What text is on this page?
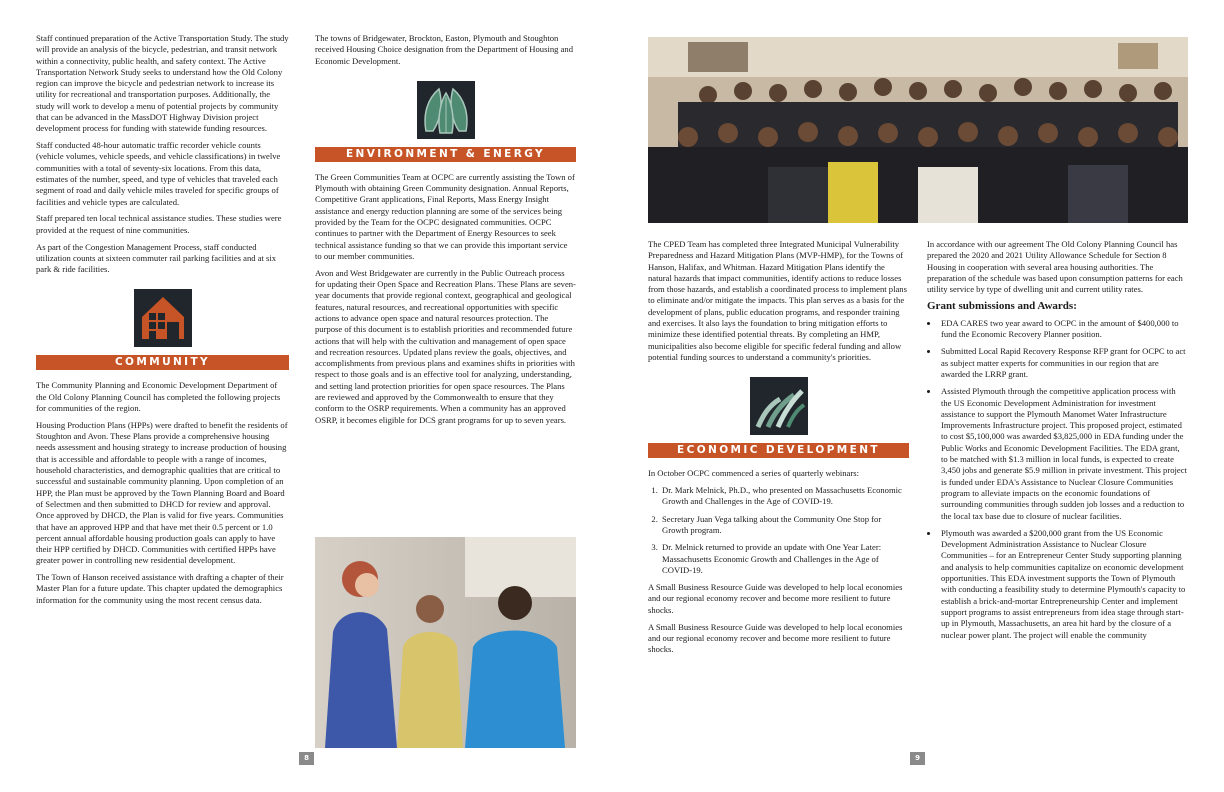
Staff continued preparation of the Active Transportation Study. The study will provide an analysis of the bicycle, pedestrian, and transit network within a connectivity, public health, and safety context. The Active Transportation Network Study seeks to understand how the Old Colony region can improve the bicycle and pedestrian network to increase its utility for recreational and transportation purposes. Additionally, the study will work to develop a menu of potential projects by community that can be advanced in the MassDOT Highway Division project development process for funding with statewide funding resources.

Staff conducted 48-hour automatic traffic recorder vehicle counts (vehicle volumes, vehicle speeds, and vehicle classifications) in twelve communities with a total of seventy-six locations. From this data, estimates of the number, speed, and type of vehicles that traveled each segment of road and daily vehicle miles traveled for specific groups of facilities and vehicle types are calculated.

Staff prepared ten local technical assistance studies. These studies were provided at the request of nine communities.

As part of the Congestion Management Process, staff conducted utilization counts at sixteen commuter rail parking facilities and at six park & ride facilities.

COMMUNITY

The Community Planning and Economic Development Department of the Old Colony Planning Council has completed the following projects for communities of the region.

Housing Production Plans (HPPs) were drafted to benefit the residents of Stoughton and Avon. These Plans provide a comprehensive housing needs assessment and housing strategy to increase production of housing that is accessible and affordable to people with a range of incomes, household characteristics, and demographic qualities that are critical to successful and sustainable community planning. Upon completion of an HPP, the Plan must be approved by the Town Planning Board and Board of Selectmen and then submitted to DHCD for review and approval. Once approved by DHCD, the Plan is valid for five years. Communities that have an approved HPP and that have met their 0.5 percent or 1.0 percent annual affordable housing production goals can apply to have their HPP certified by DHCD. Communities with certified HPPs have greater power in controlling new residential development.

The Town of Hanson received assistance with drafting a chapter of their Master Plan for a future update. This chapter updated the demographics information for the community using the most recent census data.

The towns of Bridgewater, Brockton, Easton, Plymouth and Stoughton received Housing Choice designation from the Department of Housing and Economic Development.

ENVIRONMENT & ENERGY

The Green Communities Team at OCPC are currently assisting the Town of Plymouth with obtaining Green Community designation. Annual Reports, Competitive Grant applications, Final Reports, Mass Energy Insight assistance and energy reduction planning are some of the services being provided by the Team for the OCPC designated communities. OCPC continues to partner with the Department of Energy Resources to seek technical assistance funding so that we can provide this important service to our member communities.

Avon and West Bridgewater are currently in the Public Outreach process for updating their Open Space and Recreation Plans. These Plans are seven-year documents that provide regional context, geographical and geological features, natural resources, and recreational opportunities with specific actions to advance open space and natural resources protection. The purpose of this document is to establish priorities and recommended future actions that will help with the cultivation and management of open space and recreation resources. Updated plans review the goals, objectives, and accomplishments from previous plans and examines shifts in priorities with respect to those goals and is an effective tool for analyzing, understanding, and setting land protection priorities for open space resources. The Plans are reviewed and approved by the Commonwealth to ensure that they conform to the OSRP requirements. When a community has an approved OSRP, it becomes eligible for DCS grant programs for up to seven years.

8

The CPED Team has completed three Integrated Municipal Vulnerability Preparedness and Hazard Mitigation Plans (MVP-HMP), for the Towns of Hanson, Halifax, and Whitman. Hazard Mitigation Plans identify the natural hazards that impact communities, identify actions to reduce losses from those hazards, and establish a coordinated process to implement plans to eliminate and/or mitigate the impacts. This plan serves as a basis for the development of plans, public education programs, and responder training and exercises. It also lays the foundation to bring mitigation efforts to minimize these identified potential threats. By completing an HMP, municipalities also become eligible for specific federal funding and allow potential funding sources to understand a community's priorities.

ECONOMIC DEVELOPMENT

In October OCPC commenced a series of quarterly webinars:

1. Dr. Mark Melnick, Ph.D., who presented on Massachusetts Economic Growth and Challenges in the Age of COVID-19.
2. Secretary Juan Vega talking about the Community One Stop for Growth program.
3. Dr. Melnick returned to provide an update with One Year Later: Massachusetts Economic Growth and Challenges in the Age of COVID-19.

A Small Business Resource Guide was developed to help local economies and our regional economy recover and become more resilient to future shocks.

A Small Business Resource Guide was developed to help local economies and our regional economy recover and become more resilient to future shocks.

In accordance with our agreement The Old Colony Planning Council has prepared the 2020 and 2021 Utility Allowance Schedule for Section 8 Housing in cooperation with several area housing authorities. The preparation of the schedule was based upon consumption patterns for each utility service by type of dwelling unit and current utility rates.

Grant submissions and Awards:
• EDA CARES two year award to OCPC in the amount of $400,000 to fund the Economic Recovery Planner position.
• Submitted Local Rapid Recovery Response RFP grant for OCPC to act as subject matter experts for communities in our region that are awarded the LRRP grant.
• Assisted Plymouth through the competitive application process with the US Economic Development Administration for investment assistance to support the Plymouth Manomet Water Infrastructure Improvements Infrastructure project. This proposed project, estimated to cost $5,100,000 was awarded $3,825,000 in EDA funding under the Public Works and Economic Development Facilities. The EDA grant, to be matched with $1.3 million in local funds, is expected to create 3,450 jobs and generate $5.9 million in private investment. This project is funded under EDA's Assistance to Nuclear Closure Communities program to alleviate impacts on the economic foundations of surrounding communities through sudden job losses and a reduction to the local tax base due to closure of nuclear facilities.
• Plymouth was awarded a $200,000 grant from the US Economic Development Administration Assistance to Nuclear Closure Communities – for an Entrepreneur Center Study supporting planning and analysis to help communities capitalize on economic development opportunities. This EDA investment supports the Town of Plymouth with conducting a feasibility study to determine Plymouth's capacity to establish a brick-and-mortar Entrepreneurship Center and implement support programs to assist entrepreneurs from idea stage through start-up in Plymouth, Massachusetts, an area hit hard by the closure of a nuclear power plant. The project will enable the community
9
